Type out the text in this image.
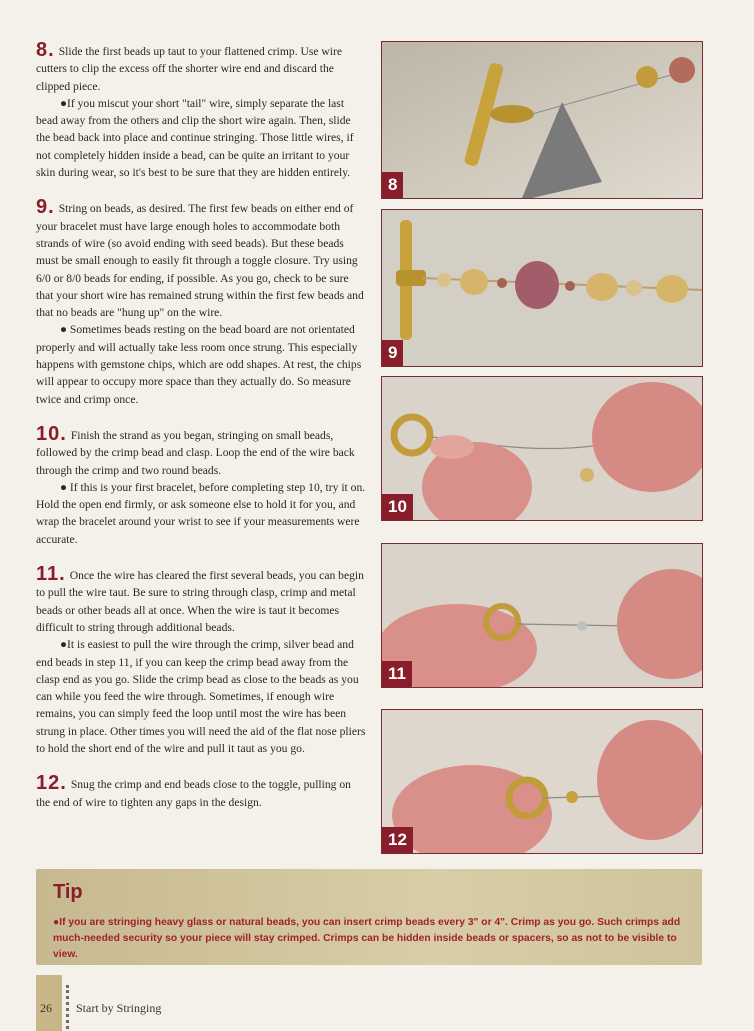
8. Slide the first beads up taut to your flattened crimp. Use wire cutters to clip the excess off the shorter wire end and discard the clipped piece.

●If you miscut your short "tail" wire, simply separate the last bead away from the others and clip the short wire again. Then, slide the bead back into place and continue stringing. Those little wires, if not completely hidden inside a bead, can be quite an irritant to your skin during wear, so it's best to be sure that they are hidden entirely.

9. String on beads, as desired. The first few beads on either end of your bracelet must have large enough holes to accommodate both strands of wire (so avoid ending with seed beads). But these beads must be small enough to easily fit through a toggle closure. Try using 6/0 or 8/0 beads for ending, if possible. As you go, check to be sure that your short wire has remained strung within the first few beads and that no beads are "hung up" on the wire.

● Sometimes beads resting on the bead board are not orientated properly and will actually take less room once strung. This especially happens with gemstone chips, which are odd shapes. At rest, the chips will appear to occupy more space than they actually do. So measure twice and crimp once.

10. Finish the strand as you began, stringing on small beads, followed by the crimp bead and clasp. Loop the end of the wire back through the crimp and two round beads.

● If this is your first bracelet, before completing step 10, try it on. Hold the open end firmly, or ask someone else to hold it for you, and wrap the bracelet around your wrist to see if your measurements were accurate.

11. Once the wire has cleared the first several beads, you can begin to pull the wire taut. Be sure to string through clasp, crimp and metal beads or other beads all at once. When the wire is taut it becomes difficult to string through additional beads.

●It is easiest to pull the wire through the crimp, silver bead and end beads in step 11, if you can keep the crimp bead away from the clasp end as you go. Slide the crimp bead as close to the beads as you can while you feed the wire through. Sometimes, if enough wire remains, you can simply feed the loop until most the wire has been strung in place. Other times you will need the aid of the flat nose pliers to hold the short end of the wire and pull it taut as you go.

12. Snug the crimp and end beads close to the toggle, pulling on the end of wire to tighten any gaps in the design.

8
9
10
11
12
Tip
●If you are stringing heavy glass or natural beads, you can insert crimp beads every 3" or 4". Crimp as you go. Such crimps add much-needed security so your piece will stay crimped. Crimps can be hidden inside beads or spacers, so as not to be visible to view.
26 Start by Stringing
